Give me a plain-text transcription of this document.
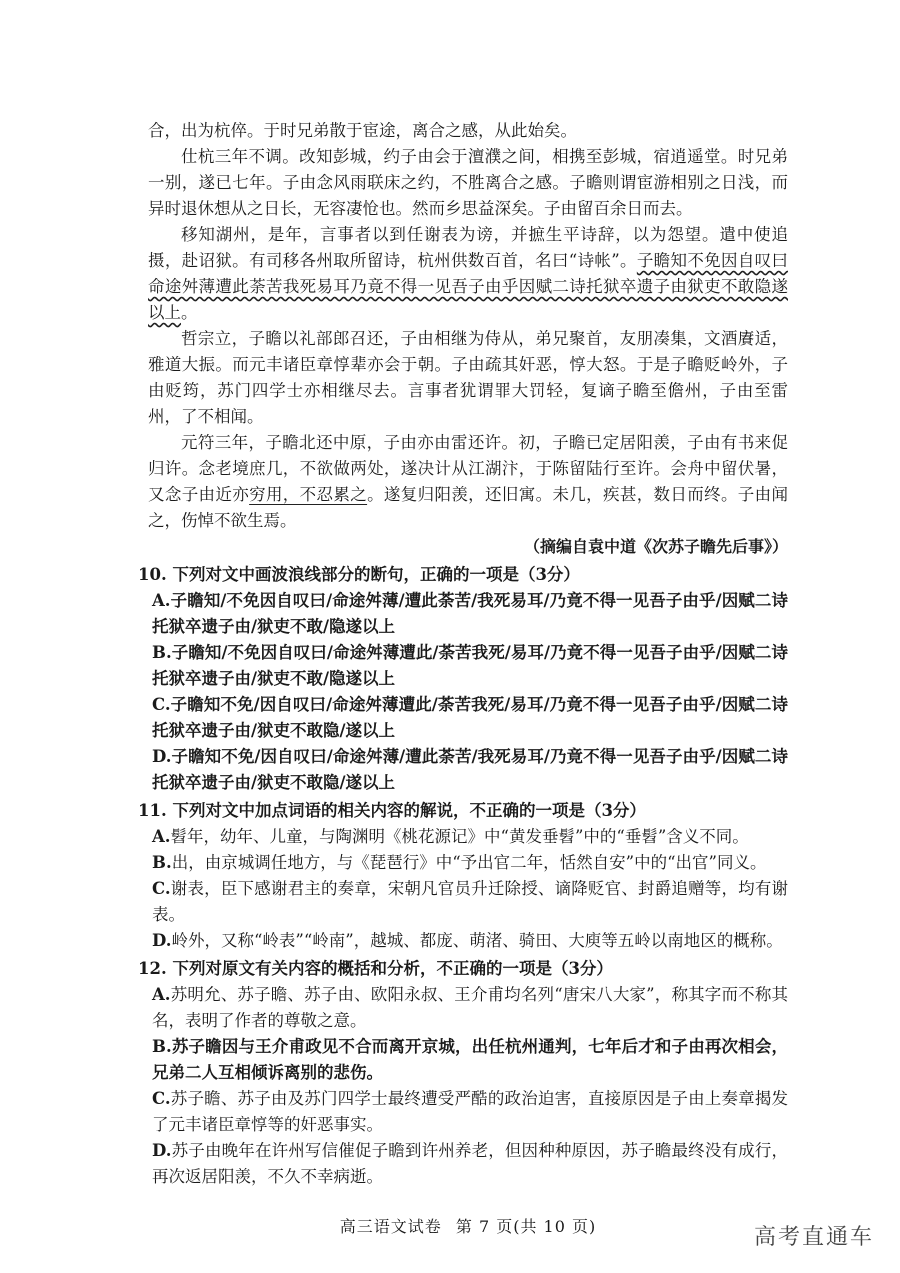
合，出为杭倅。于时兄弟散于宦途，离合之感，从此始矣。

仕杭三年不调。改知彭城，约子由会于澶濮之间，相携至彭城，宿逍遥堂。时兄弟一别，遂已七年。子由念风雨联床之约，不胜离合之感。子瞻则谓宦游相别之日浅，而异时退休想从之日长，无容凄怆也。然而乡思益深矣。子由留百余日而去。

移知湖州，是年，言事者以到任谢表为谤，并摭生平诗辞，以为怨望。遣中使追摄，赴诏狱。有司移各州取所留诗，杭州供数百首，名曰“诗帐”。子瞻知不免因自叹曰命途舛薄遭此荼苦我死易耳乃竟不得一见吾子由乎因赋二诗托狱卒遗子由狱吏不敢隐遂以上。

哲宗立，子瞻以礼部郎召还，子由相继为侍从，弟兄聚首，友朋凑集，文酒賡适，雅道大振。而元丰诸臣章惇辈亦会于朝。子由疏其奸恶，惇大怒。于是子瞻贬岭外，子由贬筠，苏门四学士亦相继尽去。言事者犹谓罪大罚轻，复谪子瞻至儋州，子由至雷州，了不相闻。

元符三年，子瞻北还中原，子由亦由雷还许。初，子瞻已定居阳羡，子由有书来促归许。念老境庶几，不欲做两处，遂决计从江湖汴，于陈留陆行至许。会舟中留伏暑，又念子由近亦穷用，不忍累之。遂复归阳羡，还旧寓。未几，疾甚，数日而终。子由闻之，伤悼不欲生焉。

（摘编自袁中道《次苏子瞻先后事》）

10. 下列对文中画波浪线部分的断句，正确的一项是（3分）

A.子瞻知/不免因自叹曰/命途舛薄/遭此荼苦/我死易耳/乃竟不得一见吾子由乎/因赋二诗托狱卒遗子由/狱吏不敢/隐遂以上

B.子瞻知/不免因自叹曰/命途舛薄遭此/荼苦我死/易耳/乃竟不得一见吾子由乎/因赋二诗托狱卒遗子由/狱吏不敢/隐遂以上

C.子瞻知不免/因自叹曰/命途舛薄遭此/荼苦我死/易耳/乃竟不得一见吾子由乎/因赋二诗托狱卒遗子由/狱吏不敢隐/遂以上

D.子瞻知不免/因自叹曰/命途舛薄/遭此荼苦/我死易耳/乃竟不得一见吾子由乎/因赋二诗托狱卒遗子由/狱吏不敢隐/遂以上

11. 下列对文中加点词语的相关内容的解说，不正确的一项是（3分）

A.髫年，幼年、儿童，与陶渊明《桃花源记》中“黄发垂髫”中的“垂髫”含义不同。

B.出，由京城调任地方，与《琵琶行》中“予出官二年，恬然自安”中的“出官”同义。

C.谢表，臣下感谢君主的奏章，宋朝凡官员升迁除授、谪降贬官、封爵追赠等，均有谢表。

D.岭外，又称“岭表”“岭南”，越城、都庞、萌渚、骑田、大庾等五岭以南地区的概称。

12. 下列对原文有关内容的概括和分析，不正确的一项是（3分）

A.苏明允、苏子瞻、苏子由、欧阳永叔、王介甫均名列“唐宋八大家”，称其字而不称其名，表明了作者的尊敬之意。

B.苏子瞻因与王介甫政见不合而离开京城，出任杭州通判，七年后才和子由再次相会，兄弟二人互相倾诉离别的悲伤。

C.苏子瞻、苏子由及苏门四学士最终遭受严酷的政治迫害，直接原因是子由上奏章揭发了元丰诸臣章惇等的奸恶事实。

D.苏子由晚年在许州写信催促子瞻到许州养老，但因种种原因，苏子瞻最终没有成行，再次返居阳羡，不久不幸病逝。

高三语文试卷 第 7 页(共 10 页)	高考直通车
